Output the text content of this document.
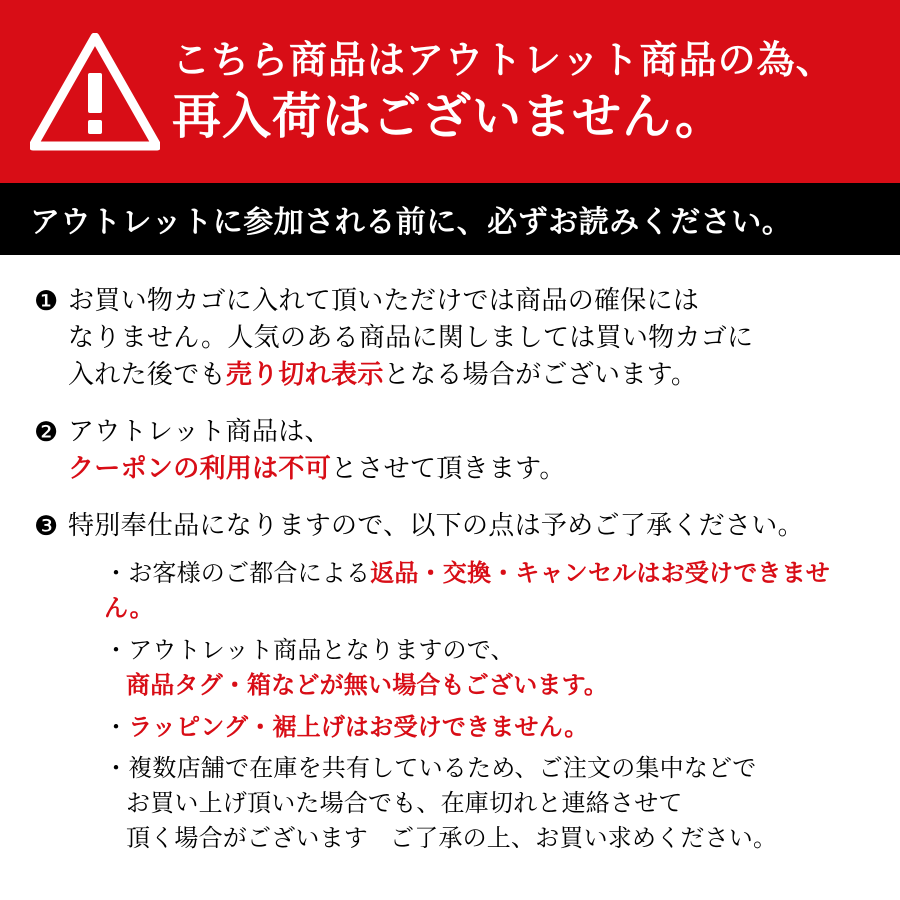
こちら商品はアウトレット商品の為、
再入荷はございません。
アウトレットに参加される前に、必ずお読みください。
❶ お買い物カゴに入れて頂いただけでは商品の確保には
なりません。人気のある商品に関しましては買い物カゴに
入れた後でも売り切れ表示となる場合がございます。
❷ アウトレット商品は、
クーポンの利用は不可とさせて頂きます。
❸ 特別奉仕品になりますので、以下の点は予めご了承ください。
・お客様のご都合による返品・交換・キャンセルはお受けできません。
・アウトレット商品となりますので、
商品タグ・箱などが無い場合もございます。
・ラッピング・裾上げはお受けできません。
・複数店舗で在庫を共有しているため、ご注文の集中などで
お買い上げ頂いた場合でも、在庫切れと連絡させて
頂く場合がございます ご了承の上、お買い求めください。
